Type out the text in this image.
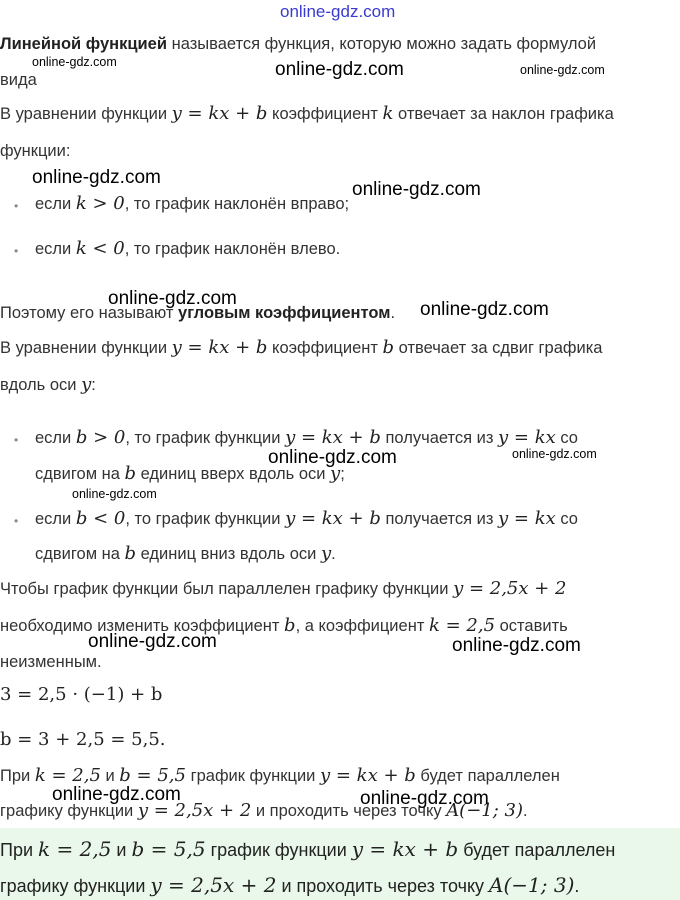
online-gdz.com
Линейной функцией называется функция, которую можно задать формулой
вида
В уравнении функции y = kx + b коэффициент k отвечает за наклон графика
функции:
• если k > 0, то график наклонён вправо;
• если k < 0, то график наклонён влево.
Поэтому его называют угловым коэффициентом.
В уравнении функции y = kx + b коэффициент b отвечает за сдвиг графика
вдоль оси y:
• если b > 0, то график функции y = kx + b получается из y = kx со
сдвигом на b единиц вверх вдоль оси y;
• если b < 0, то график функции y = kx + b получается из y = kx со
сдвигом на b единиц вниз вдоль оси y.
Чтобы график функции был параллелен графику функции y = 2,5x + 2
необходимо изменить коэффициент b, а коэффициент k = 2,5 оставить
неизменным.
3 = 2,5 · (−1) + b
b = 3 + 2,5 = 5,5.
При k = 2,5 и b = 5,5 график функции y = kx + b будет параллелен
графику функции y = 2,5x + 2 и проходить через точку A(−1; 3).
При k = 2,5 и b = 5,5 график функции y = kx + b будет параллелен
графику функции y = 2,5x + 2 и проходить через точку A(−1; 3).
online-gdz.com	online-gdz.com	online-gdz.com
online-gdz.com
online-gdz.com
online-gdz.com
online-gdz.com
online-gdz.com	online-gdz.com
online-gdz.com
online-gdz.com	online-gdz.com
online-gdz.com	online-gdz.com
